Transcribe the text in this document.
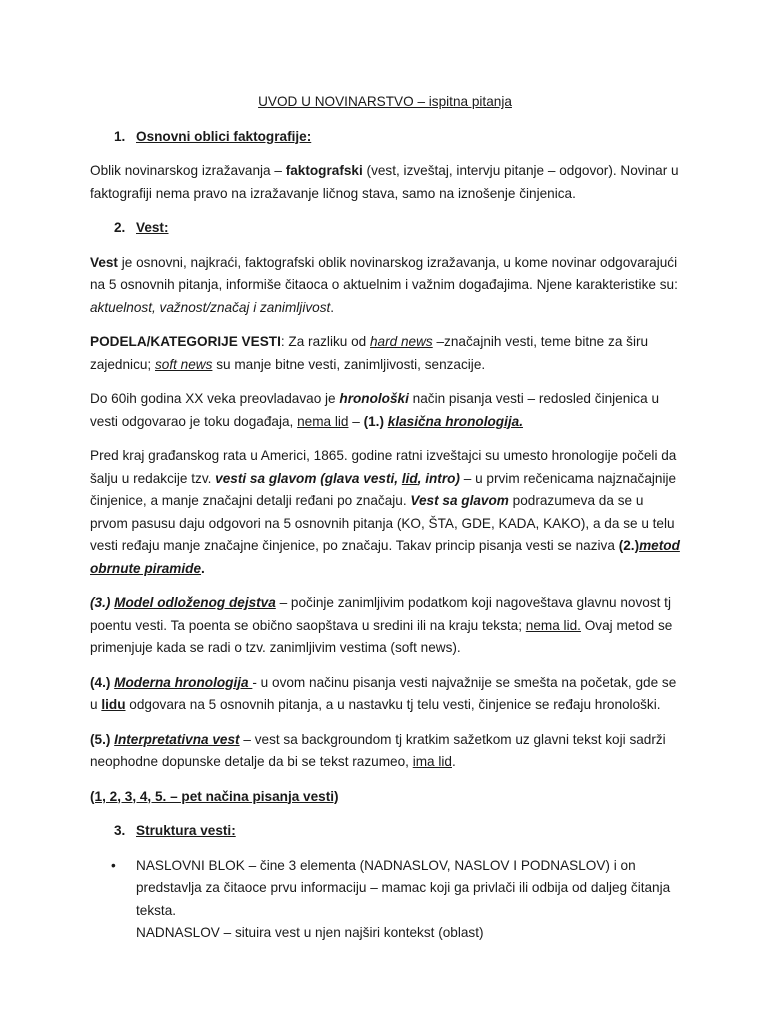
UVOD U NOVINARSTVO – ispitna pitanja
1. Osnovni oblici faktografije:

Oblik novinarskog izražavanja – faktografski (vest, izveštaj, intervju pitanje – odgovor). Novinar u faktografiji nema pravo na izražavanje ličnog stava, samo na iznošenje činjenica.

2. Vest:

Vest je osnovni, najkraći, faktografski oblik novinarskog izražavanja, u kome novinar odgovarajući na 5 osnovnih pitanja, informiše čitaoca o aktuelnim i važnim događajima. Njene karakteristike su: aktuelnost, važnost/značaj i zanimljivost.

PODELA/KATEGORIJE VESTI: Za razliku od hard news –značajnih vesti, teme bitne za širu zajednicu; soft news su manje bitne vesti, zanimljivosti, senzacije.

Do 60ih godina XX veka preovladavao je hronološki način pisanja vesti – redosled činjenica u vesti odgovarao je toku događaja, nema lid – (1.) klasična hronologija.

Pred kraj građanskog rata u Americi, 1865. godine ratni izveštajci su umesto hronologije počeli da šalju u redakcije tzv. vesti sa glavom (glava vesti, lid, intro) – u prvim rečenicama najznačajnije činjenice, a manje značajni detalji ređani po značaju. Vest sa glavom podrazumeva da se u prvom pasusu daju odgovori na 5 osnovnih pitanja (KO, ŠTA, GDE, KADA, KAKO), a da se u telu vesti ređaju manje značajne činjenice, po značaju. Takav princip pisanja vesti se naziva (2.)metod obrnute piramide.

(3.) Model odloženog dejstva – počinje zanimljivim podatkom koji nagoveštava glavnu novost tj poentu vesti. Ta poenta se obično saopštava u sredini ili na kraju teksta; nema lid. Ovaj metod se primenjuje kada se radi o tzv. zanimljivim vestima (soft news).

(4.) Moderna hronologija - u ovom načinu pisanja vesti najvažnije se smešta na početak, gde se u lidu odgovara na 5 osnovnih pitanja, a u nastavku tj telu vesti, činjenice se ređaju hronološki.

(5.) Interpretativna vest – vest sa backgroundom tj kratkim sažetkom uz glavni tekst koji sadrži neophodne dopunske detalje da bi se tekst razumeo, ima lid.

(1, 2, 3, 4, 5. – pet načina pisanja vesti)

3. Struktura vesti:
• NASLOVNI BLOK – čine 3 elementa (NADNASLOV, NASLOV I PODNASLOV) i on predstavlja za čitaoce prvu informaciju – mamac koji ga privlači ili odbija od daljeg čitanja teksta.
NADNASLOV – situira vest u njen najširi kontekst (oblast)
